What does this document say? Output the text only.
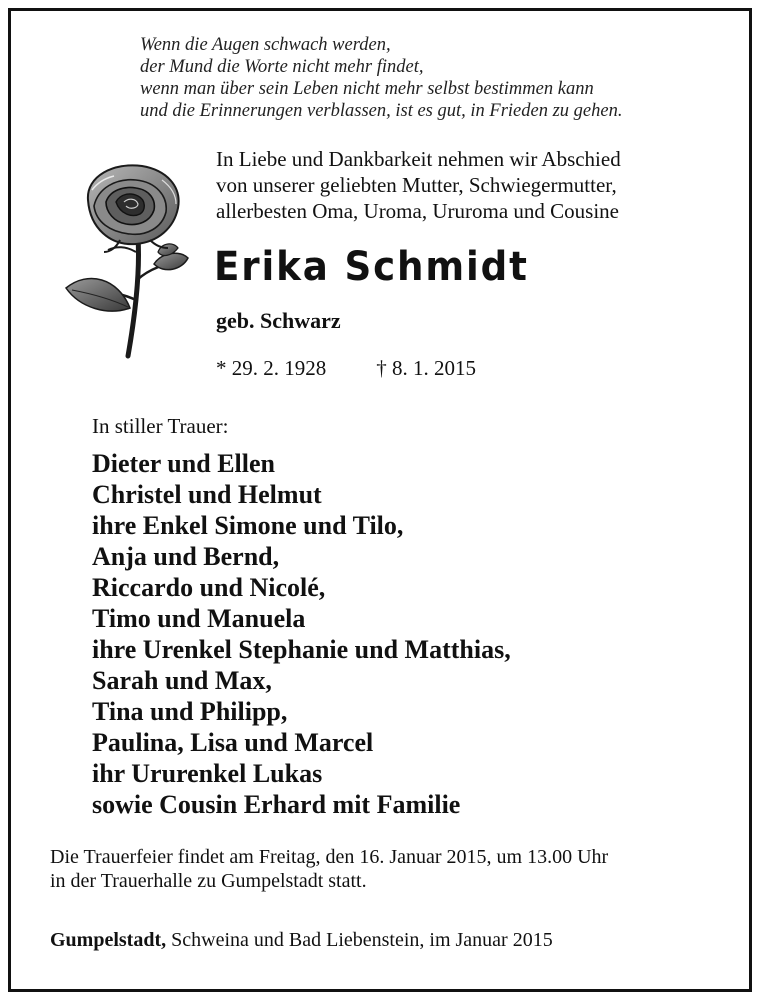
Wenn die Augen schwach werden,
der Mund die Worte nicht mehr findet,
wenn man über sein Leben nicht mehr selbst bestimmen kann
und die Erinnerungen verblassen, ist es gut, in Frieden zu gehen.
In Liebe und Dankbarkeit nehmen wir Abschied
von unserer geliebten Mutter, Schwiegermutter,
allerbesten Oma, Uroma, Ururoma und Cousine
Erika Schmidt
geb. Schwarz
* 29. 2. 1928 † 8. 1. 2015
In stiller Trauer:
Dieter und Ellen
Christel und Helmut
ihre Enkel Simone und Tilo,
Anja und Bernd,
Riccardo und Nicolé,
Timo und Manuela
ihre Urenkel Stephanie und Matthias,
Sarah und Max,
Tina und Philipp,
Paulina, Lisa und Marcel
ihr Ururenkel Lukas
sowie Cousin Erhard mit Familie
Die Trauerfeier findet am Freitag, den 16. Januar 2015, um 13.00 Uhr
in der Trauerhalle zu Gumpelstadt statt.
Gumpelstadt, Schweina und Bad Liebenstein, im Januar 2015
